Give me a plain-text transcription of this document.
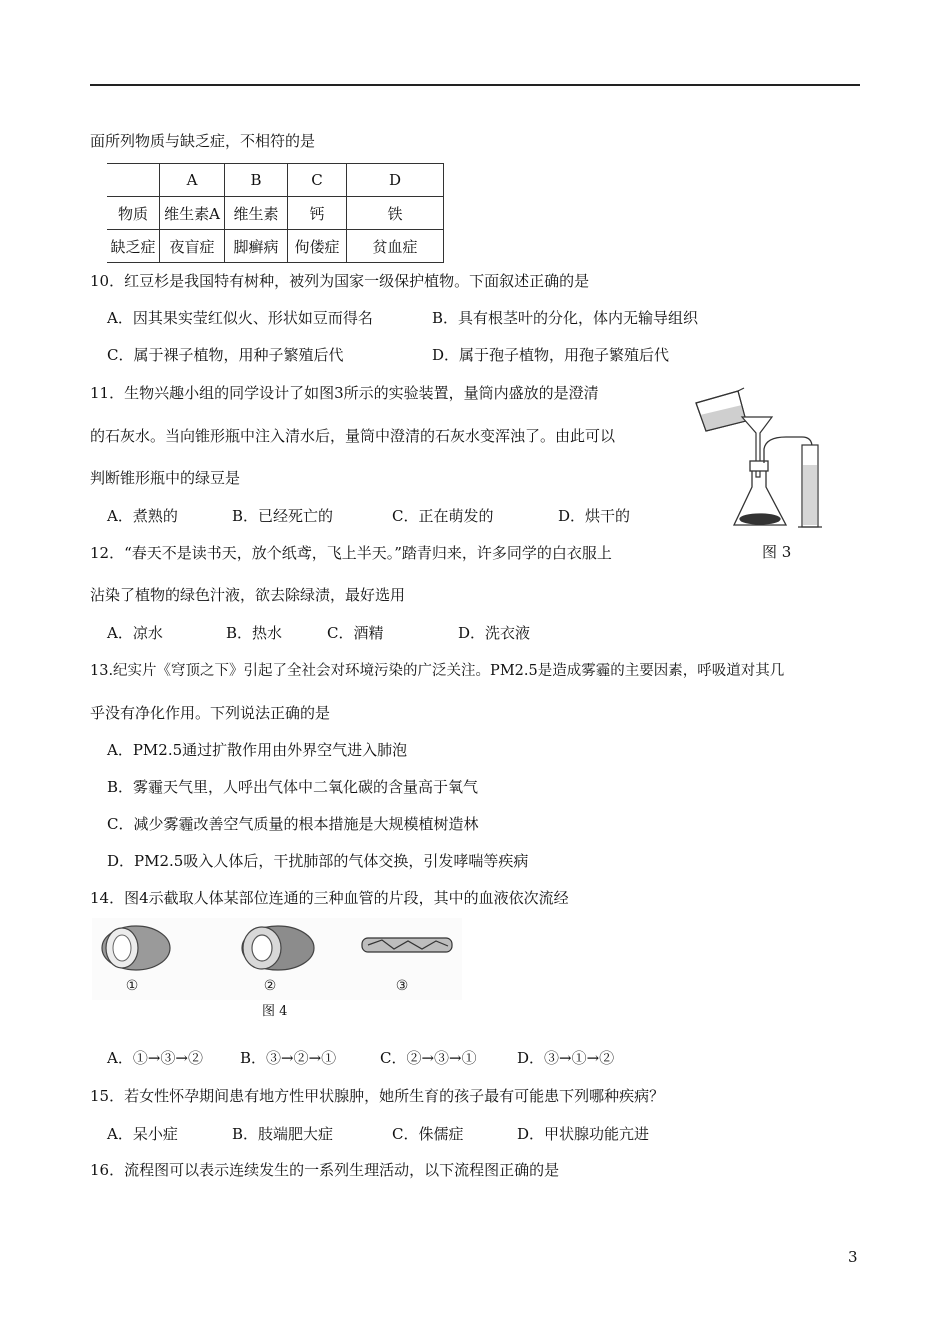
面所列物质与缺乏症，不相符的是
	A	B	C	D
物质	维生素A	维生素	钙	铁
缺乏症	夜盲症	脚癣病	佝偻症	贫血症
10．红豆杉是我国特有树种，被列为国家一级保护植物。下面叙述正确的是
A．因其果实莹红似火、形状如豆而得名	B．具有根茎叶的分化，体内无输导组织
C．属于裸子植物，用种子繁殖后代	D．属于孢子植物，用孢子繁殖后代
11．生物兴趣小组的同学设计了如图3所示的实验装置，量筒内盛放的是澄清
的石灰水。当向锥形瓶中注入清水后，量筒中澄清的石灰水变浑浊了。由此可以
判断锥形瓶中的绿豆是
A．煮熟的	B．已经死亡的	C．正在萌发的	D．烘干的
图 3
12．“春天不是读书天，放个纸鸢，飞上半天。”踏青归来，许多同学的白衣服上
沾染了植物的绿色汁液，欲去除绿渍，最好选用
A．凉水	B．热水	C．酒精	D．洗衣液
13.纪实片《穹顶之下》引起了全社会对环境污染的广泛关注。PM2.5是造成雾霾的主要因素，呼吸道对其几
乎没有净化作用。下列说法正确的是
A．PM2.5通过扩散作用由外界空气进入肺泡
B．雾霾天气里，人呼出气体中二氧化碳的含量高于氧气
C．减少雾霾改善空气质量的根本措施是大规模植树造林
D．PM2.5吸入人体后，干扰肺部的气体交换，引发哮喘等疾病
14．图4示截取人体某部位连通的三种血管的片段，其中的血液依次流经
①	②	③
图 4
A．①→③→② B．③→②→①	C．②→③→①	D．③→①→②
15．若女性怀孕期间患有地方性甲状腺肿，她所生育的孩子最有可能患下列哪种疾病？
A．呆小症	B．肢端肥大症	C．侏儒症	D．甲状腺功能亢进
16．流程图可以表示连续发生的一系列生理活动，以下流程图正确的是
3
